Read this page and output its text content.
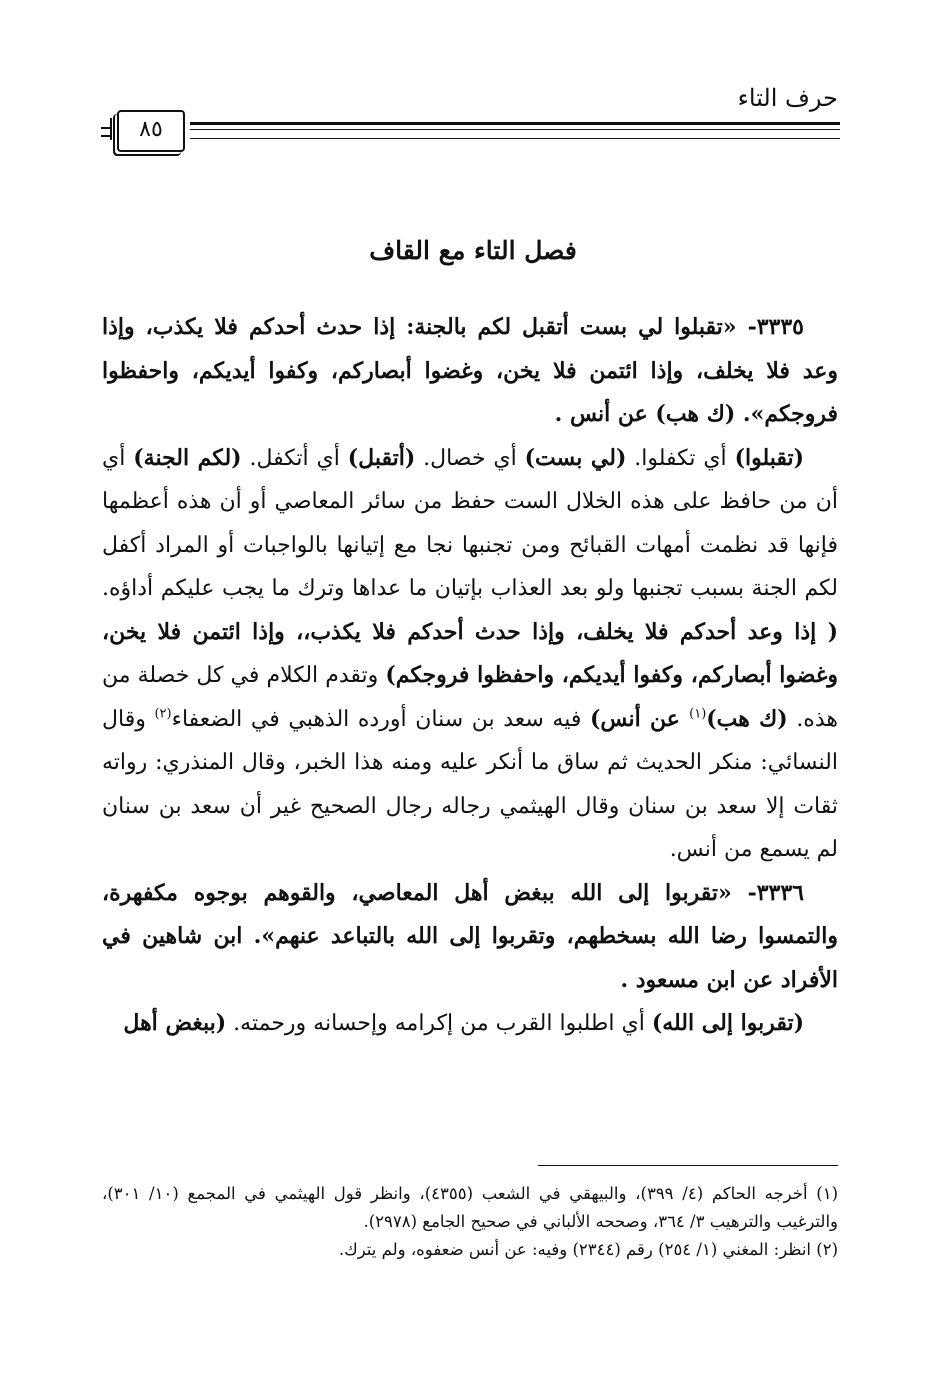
حرف التاء
٨٥
فصل التاء مع القاف

٣٣٣٥- «تقبلوا لي بست أتقبل لكم بالجنة: إذا حدث أحدكم فلا يكذب، وإذا وعد فلا يخلف، وإذا ائتمن فلا يخن، وغضوا أبصاركم، وكفوا أيديكم، واحفظوا فروجكم». (ك هب) عن أنس .

(تقبلوا) أي تكفلوا. (لي بست) أي خصال. (أتقبل) أي أتكفل. (لكم الجنة) أي أن من حافظ على هذه الخلال الست حفظ من سائر المعاصي أو أن هذه أعظمها فإنها قد نظمت أمهات القبائح ومن تجنبها نجا مع إتيانها بالواجبات أو المراد أكفل لكم الجنة بسبب تجنبها ولو بعد العذاب بإتيان ما عداها وترك ما يجب عليكم أداؤه. ( إذا وعد أحدكم فلا يخلف، وإذا حدث أحدكم فلا يكذب،، وإذا ائتمن فلا يخن، وغضوا أبصاركم، وكفوا أيديكم، واحفظوا فروجكم) وتقدم الكلام في كل خصلة من هذه. (ك هب)$^{(١)}$ عن أنس) فيه سعد بن سنان أورده الذهبي في الضعفاء$^{(٢)}$ وقال النسائي: منكر الحديث ثم ساق ما أنكر عليه ومنه هذا الخبر، وقال المنذري: رواته ثقات إلا سعد بن سنان وقال الهيثمي رجاله رجال الصحيح غير أن سعد بن سنان لم يسمع من أنس.

٣٣٣٦- «تقربوا إلى الله ببغض أهل المعاصي، والقوهم بوجوه مكفهرة، والتمسوا رضا الله بسخطهم، وتقربوا إلى الله بالتباعد عنهم». ابن شاهين في الأفراد عن ابن مسعود .

(تقربوا إلى الله) أي اطلبوا القرب من إكرامه وإحسانه ورحمته. (ببغض أهل

(١) أخرجه الحاكم (٤/ ٣٩٩)، والبيهقي في الشعب (٤٣٥٥)، وانظر قول الهيثمي في المجمع (١٠/ ٣٠١)، والترغيب والترهيب ٣/ ٣٦٤، وصححه الألباني في صحيح الجامع (٢٩٧٨).

(٢) انظر: المغني (١/ ٢٥٤) رقم (٢٣٤٤) وفيه: عن أنس ضعفوه، ولم يترك.
